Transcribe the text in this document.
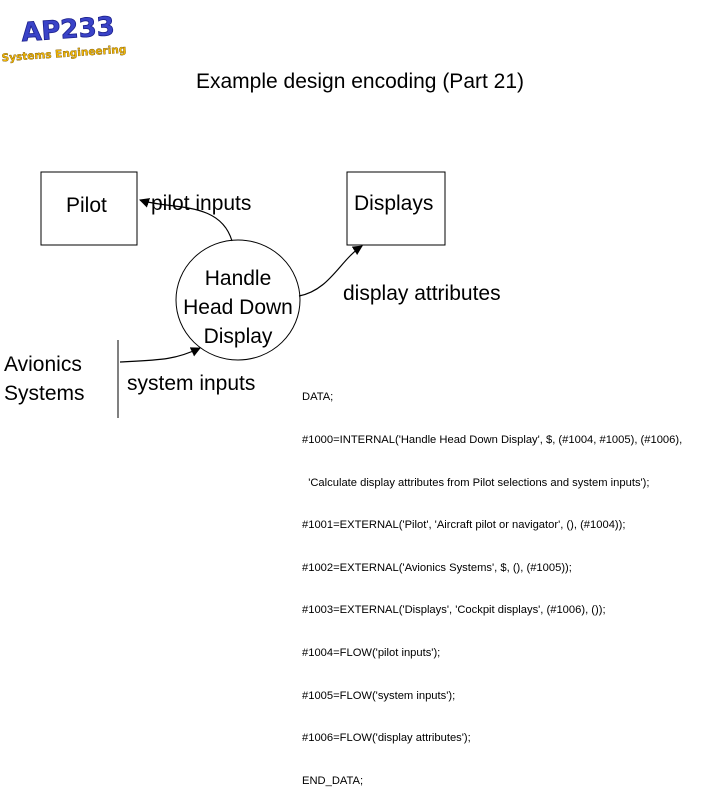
AP233
Systems Engineering
Example design encoding (Part 21)
Pilot	Displays
Handle
Head Down
Display
Avionics
Systems
pilot inputs
display attributes
system inputs

DATA;

#1000=INTERNAL('Handle Head Down Display', $, (#1004, #1005), (#1006),

'Calculate display attributes from Pilot selections and system inputs');

#1001=EXTERNAL('Pilot', 'Aircraft pilot or navigator', (), (#1004));

#1002=EXTERNAL('Avionics Systems', $, (), (#1005));

#1003=EXTERNAL('Displays', 'Cockpit displays', (#1006), ());

#1004=FLOW('pilot inputs');

#1005=FLOW('system inputs');

#1006=FLOW('display attributes');

END_DATA;
